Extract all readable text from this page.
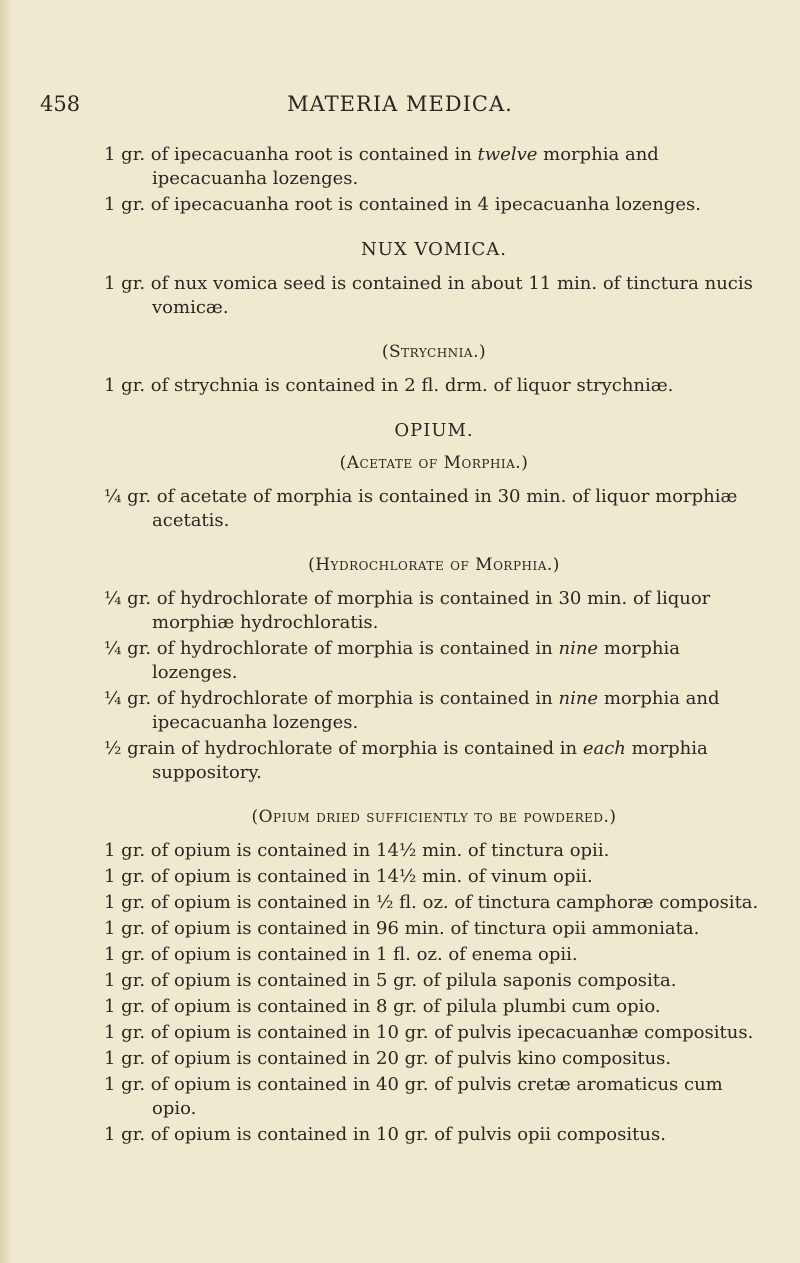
458	MATERIA MEDICA.

1 gr. of ipecacuanha root is contained in twelve morphia and ipecacuanha lozenges.

1 gr. of ipecacuanha root is contained in 4 ipecacuanha lozenges.

NUX VOMICA.

1 gr. of nux vomica seed is contained in about 11 min. of tinctura nucis vomicæ.

(Strychnia.)

1 gr. of strychnia is contained in 2 fl. drm. of liquor strychniæ.

OPIUM.
(Acetate of Morphia.)

¼ gr. of acetate of morphia is contained in 30 min. of liquor morphiæ acetatis.

(Hydrochlorate of Morphia.)

¼ gr. of hydrochlorate of morphia is contained in 30 min. of liquor morphiæ hydrochloratis.

¼ gr. of hydrochlorate of morphia is contained in nine morphia lozenges.

¼ gr. of hydrochlorate of morphia is contained in nine morphia and ipecacuanha lozenges.

½ grain of hydrochlorate of morphia is contained in each morphia suppository.

(Opium dried sufficiently to be powdered.)

1 gr. of opium is contained in 14½ min. of tinctura opii.

1 gr. of opium is contained in 14½ min. of vinum opii.

1 gr. of opium is contained in ½ fl. oz. of tinctura camphoræ composita.

1 gr. of opium is contained in 96 min. of tinctura opii ammoniata.

1 gr. of opium is contained in 1 fl. oz. of enema opii.

1 gr. of opium is contained in 5 gr. of pilula saponis composita.

1 gr. of opium is contained in 8 gr. of pilula plumbi cum opio.

1 gr. of opium is contained in 10 gr. of pulvis ipecacuanhæ compositus.

1 gr. of opium is contained in 20 gr. of pulvis kino compositus.

1 gr. of opium is contained in 40 gr. of pulvis cretæ aromaticus cum opio.

1 gr. of opium is contained in 10 gr. of pulvis opii compositus.
